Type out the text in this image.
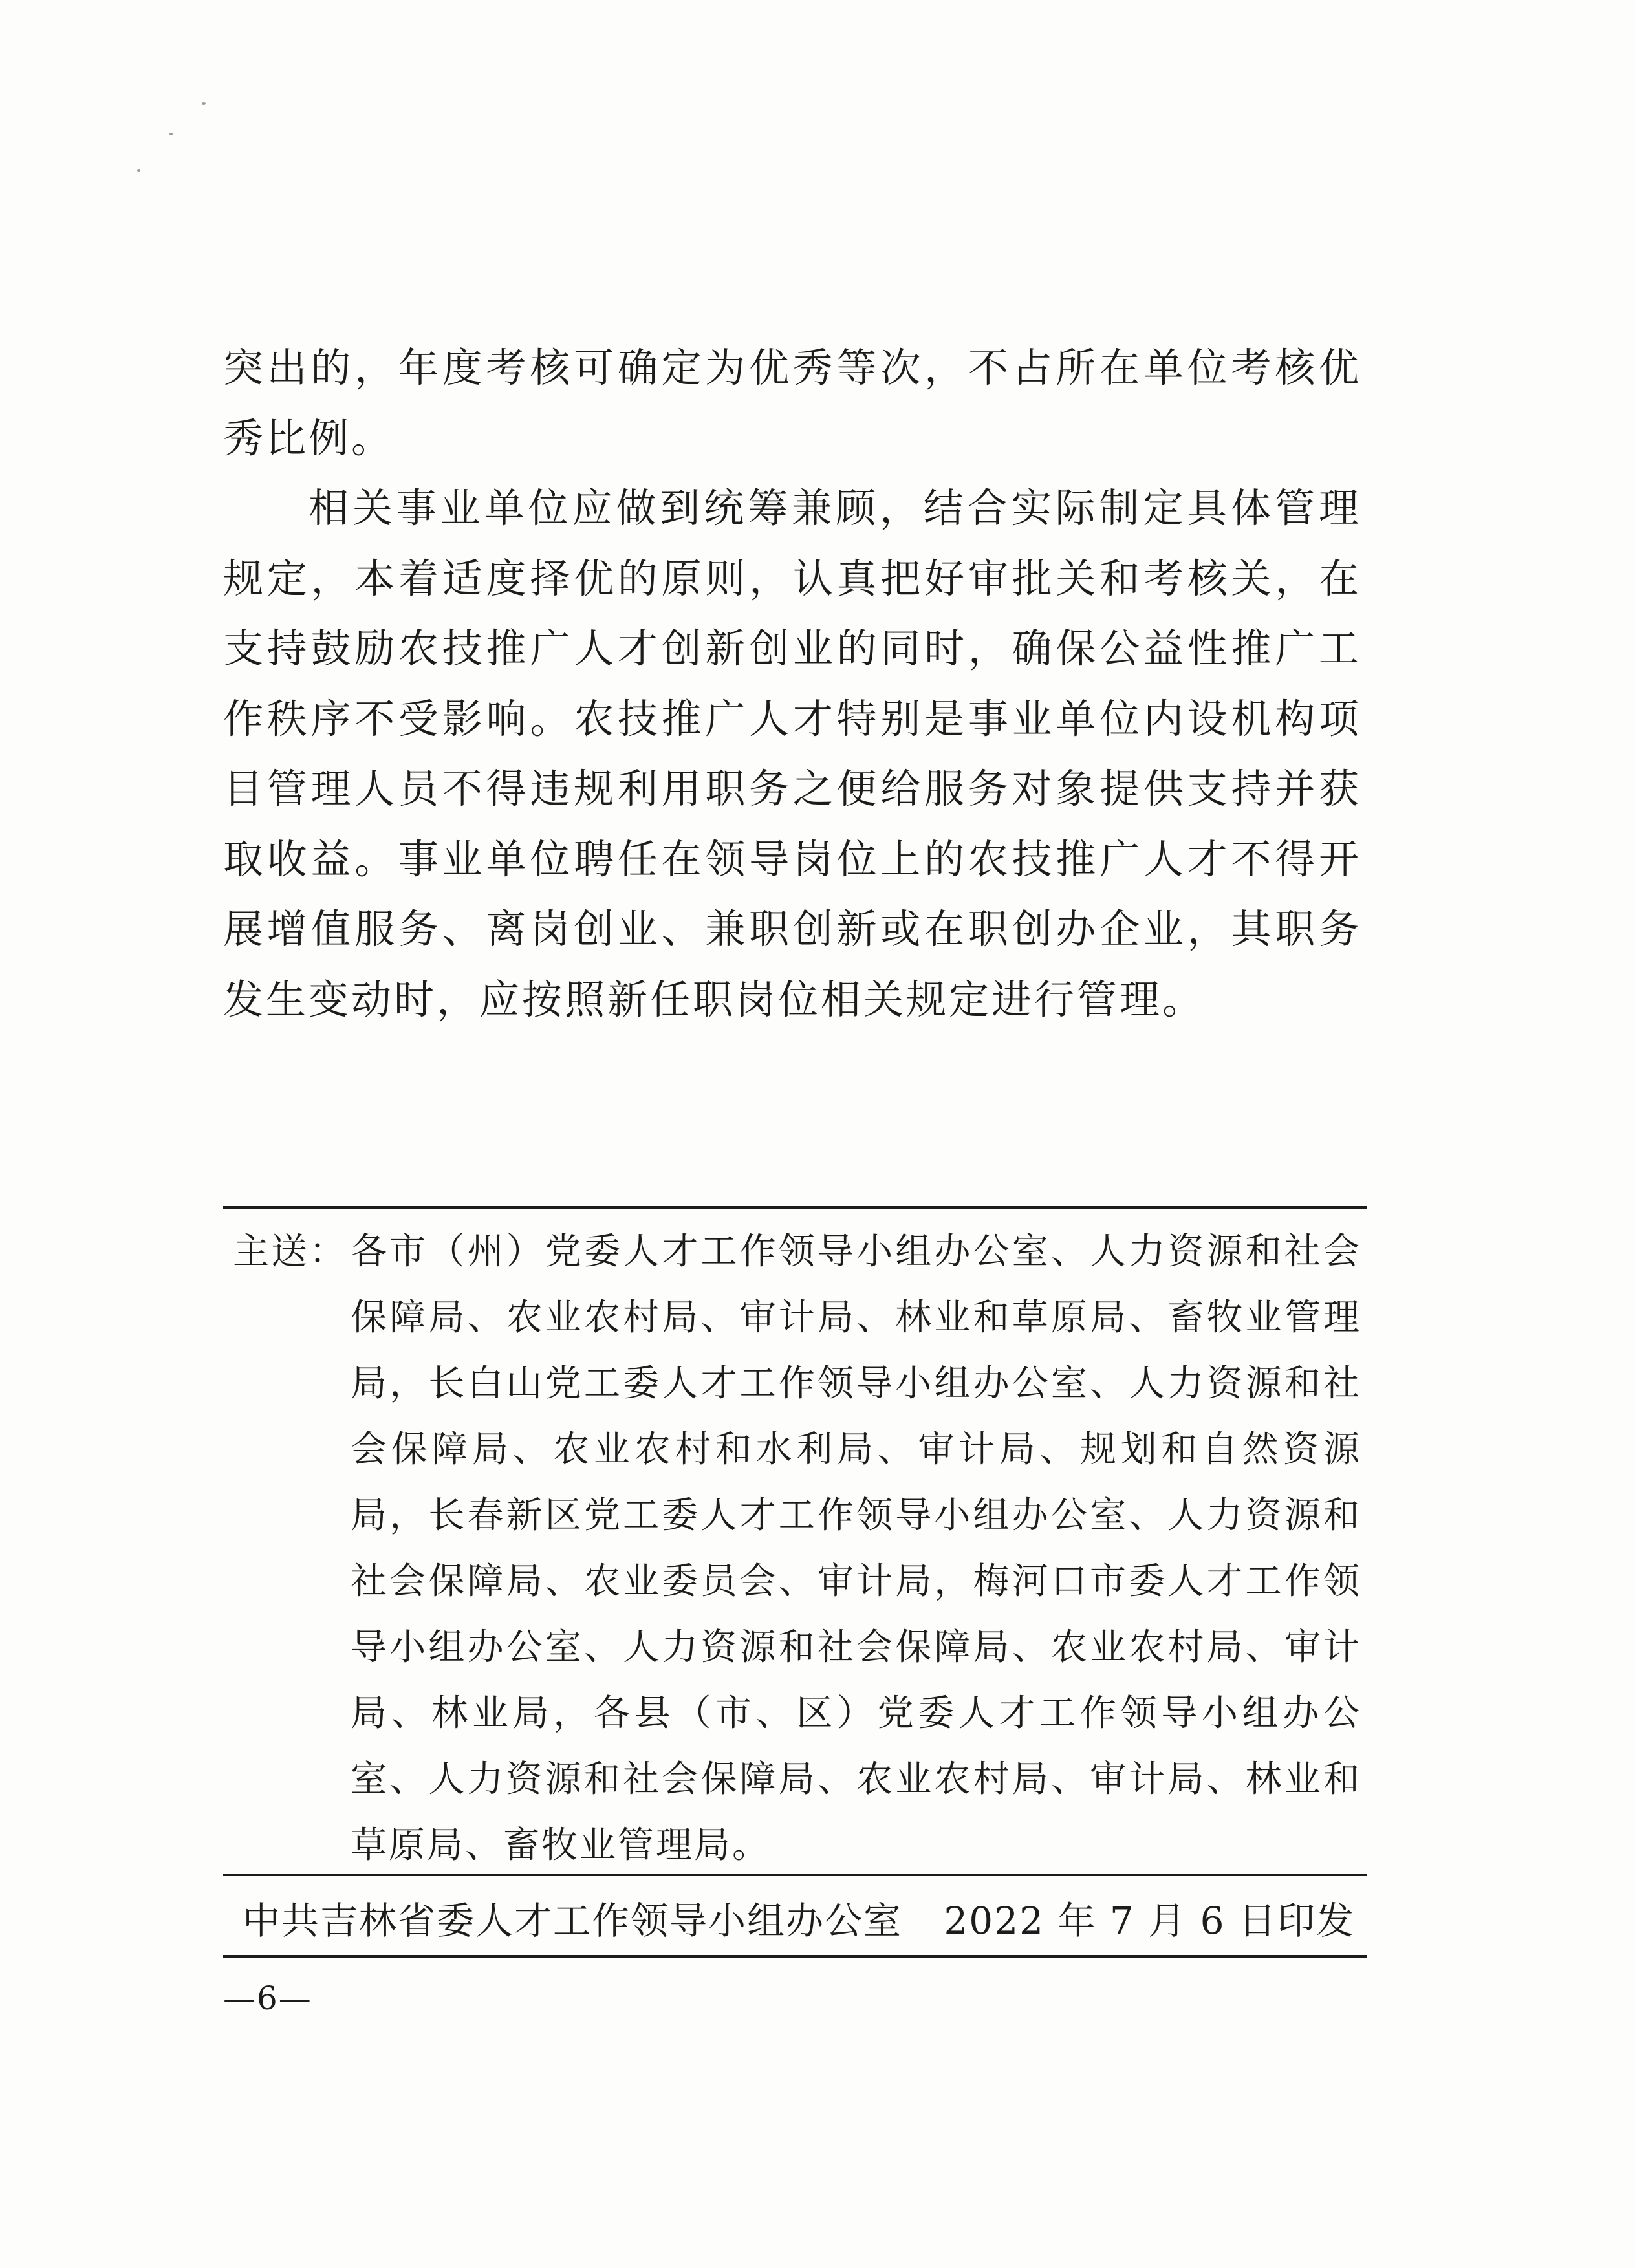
突出的，年度考核可确定为优秀等次，不占所在单位考核优秀比例。

相关事业单位应做到统筹兼顾，结合实际制定具体管理规定，本着适度择优的原则，认真把好审批关和考核关，在支持鼓励农技推广人才创新创业的同时，确保公益性推广工作秩序不受影响。农技推广人才特别是事业单位内设机构项目管理人员不得违规利用职务之便给服务对象提供支持并获取收益。事业单位聘任在领导岗位上的农技推广人才不得开展增值服务、离岗创业、兼职创新或在职创办企业，其职务发生变动时，应按照新任职岗位相关规定进行管理。

主送： 各市（州）党委人才工作领导小组办公室、人力资源和社会保障局、农业农村局、审计局、林业和草原局、畜牧业管理局，长白山党工委人才工作领导小组办公室、人力资源和社会保障局、农业农村和水利局、审计局、规划和自然资源局，长春新区党工委人才工作领导小组办公室、人力资源和社会保障局、农业委员会、审计局，梅河口市委人才工作领导小组办公室、人力资源和社会保障局、农业农村局、审计局、林业局，各县（市、区）党委人才工作领导小组办公室、人力资源和社会保障局、农业农村局、审计局、林业和草原局、畜牧业管理局。
中共吉林省委人才工作领导小组办公室 2022 年 7 月 6 日印发
—6—
